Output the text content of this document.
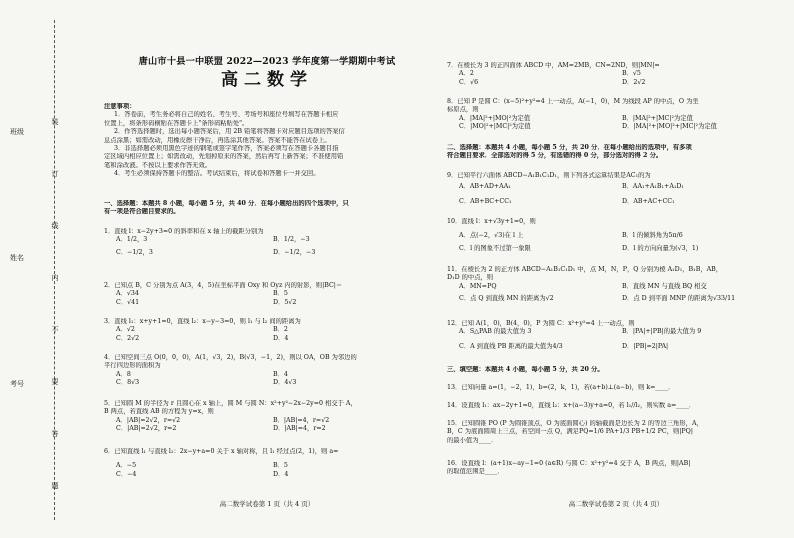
班级
姓名
考号
装
订
线
内
不
要
答
题
唐山市十县一中联盟 2022—2023 学年度第一学期期中考试
高二数学
注意事项：
1．答卷前，考生务必将自己的姓名、考生号、考场号和座位号填写在答题卡相应
位置上，将条形码横贴在答题卡上"条形码粘贴处"。
2．作答选择题时，选出每小题答案后，用 2B 铅笔将答题卡对应题目选项的答案信
息点涂黑；如需改动，用橡皮擦干净后，再选涂其他答案。答案不能答在试卷上。
3．非选择题必须用黑色字迹的钢笔或签字笔作答，答案必须写在答题卡各题目指
定区域内相应位置上；如需改动，先划掉原来的答案，然后再写上新答案；不准使用铅
笔和涂改液。不按以上要求作答无效。
4．考生必须保持答题卡的整洁。考试结束后，将试卷和答题卡一并交回。
一、选择题：本题共 8 小题，每小题 5 分，共 40 分．在每小题给出的四个选项中，只
有一项是符合题目要求的。
1．直线 l：x−2y+3=0 的斜率和在 x 轴上的截距分别为
A．1/2，3	B．1/2，−3
C．−1/2，3	D．−1/2，−3
2．已知点 B，C 分别为点 A(3，4，5)在坐标平面 Oxy 和 Oyz 内的射影，则|BC|＝
A．√34	B．5
C．√41	D．5√2
3．直线 l₁：x+y+1=0，直线 l₂：x−y−3=0，则 l₁ 与 l₂ 间的距离为
A．√2	B．2
C．2√2	D．4
4．已知空间三点 O(0，0，0)，A(1，√3，2)，B(√3，−1，2)，则以 OA，OB 为邻边的
平行四边形的面积为
A．8	B．4
C．8√3	D．4√3
5．已知圆 M 的半径为 r 且圆心在 x 轴上，圆 M 与圆 N：x²+y²−2x−2y=0 相交于 A，
B 两点，若直线 AB 的方程为 y=x，则
A．|AB|=2√2，r=√2	B．|AB|=4，r=√2
C．|AB|=2√2，r=2	D．|AB|=4，r=2
6．已知直线 l₁ 与直线 l₂：2x−y+a=0 关于 x 轴对称，且 l₁ 经过点(2，1)，则 a=
A．−5	B．5
C．−4	D．4
高二数学试卷第 1 页（共 4 页）
7．在棱长为 3 的正四面体 ABCD 中，AM=2MB，CN=2ND，则|MN|=
A．2	B．√5
C．√6	D．2√2
8．已知 P 是圆 C：(x−5)²+y²=4 上一动点，A(−1，0)，M 为线段 AP 的中点，O 为坐
标原点，则
A．|MA|²+|MO|²为定值	B．|MA|²+|MC|²为定值
C．|MO|²+|MC|²为定值	D．|MA|²+|MO|²+|MC|²为定值
二、选择题：本题共 4 小题，每小题 5 分，共 20 分．在每小题给出的选项中，有多项
符合题目要求．全部选对的得 5 分，有选错的得 0 分，部分选对的得 2 分。
9．已知平行六面体 ABCD−A₁B₁C₁D₁，则下列各式运算结果是AC₁的为
A．AB+AD+AA₁	B．AA₁+A₁B₁+A₁D₁
C．AB+BC+CC₁	D．AB+AC+CC₁
10．直线 l：x+√3y+1=0，则
A．点(−2，√3)在 l 上	B．l 的倾斜角为5π/6
C．l 的图象不过第一象限	D．l 的方向向量为(√3，1)
11．在棱长为 2 的正方体 ABCD−A₁B₁C₁D₁ 中，点 M，N，P，Q 分别为棱 A₁D₁，B₁B，AB，
D₁D 的中点，则
A．MN=PQ	B．直线 MN 与直线 BQ 相交
C．点 Q 到直线 MN 的距离为√2	D．点 D 到平面 MNP 的距离为√33/11
12．已知 A(1，0)，B(4，0)，P 为圆 C：x²+y²=4 上一动点，则
A．S△PAB 的最大值为 3	B．|PA|+|PB|的最大值为 9
C．A 到直线 PB 距离的最大值为4/3	D．|PB|=2|PA|
三、填空题：本题共 4 小题，每小题 5 分，共 20 分。
13．已知向量 a=(1，−2，1)，b=(2，k，1)，若(a+b)⊥(a−b)，则 k=____．
14．设直线 l₁：ax−2y+1=0，直线 l₂：x+(a−3)y+a=0，若 l₁//l₂，则实数 a=____．
15．已知圆锥 PO (P 为圆锥顶点，O 为底面圆心) 的轴截面是边长为 2 的等边三角形，A，
B，C 为底面圆周上三点，若空间一点 Q，满足PQ=1/6 PA+1/3 PB+1/2 PC，则|PQ|
的最小值为____．
16．设直线 l：(a+1)x−ay−1=0 (a∈R) 与圆 C：x²+y²=4 交于 A，B 两点，则|AB|
的取值范围是____．
高二数学试卷第 2 页（共 4 页）
